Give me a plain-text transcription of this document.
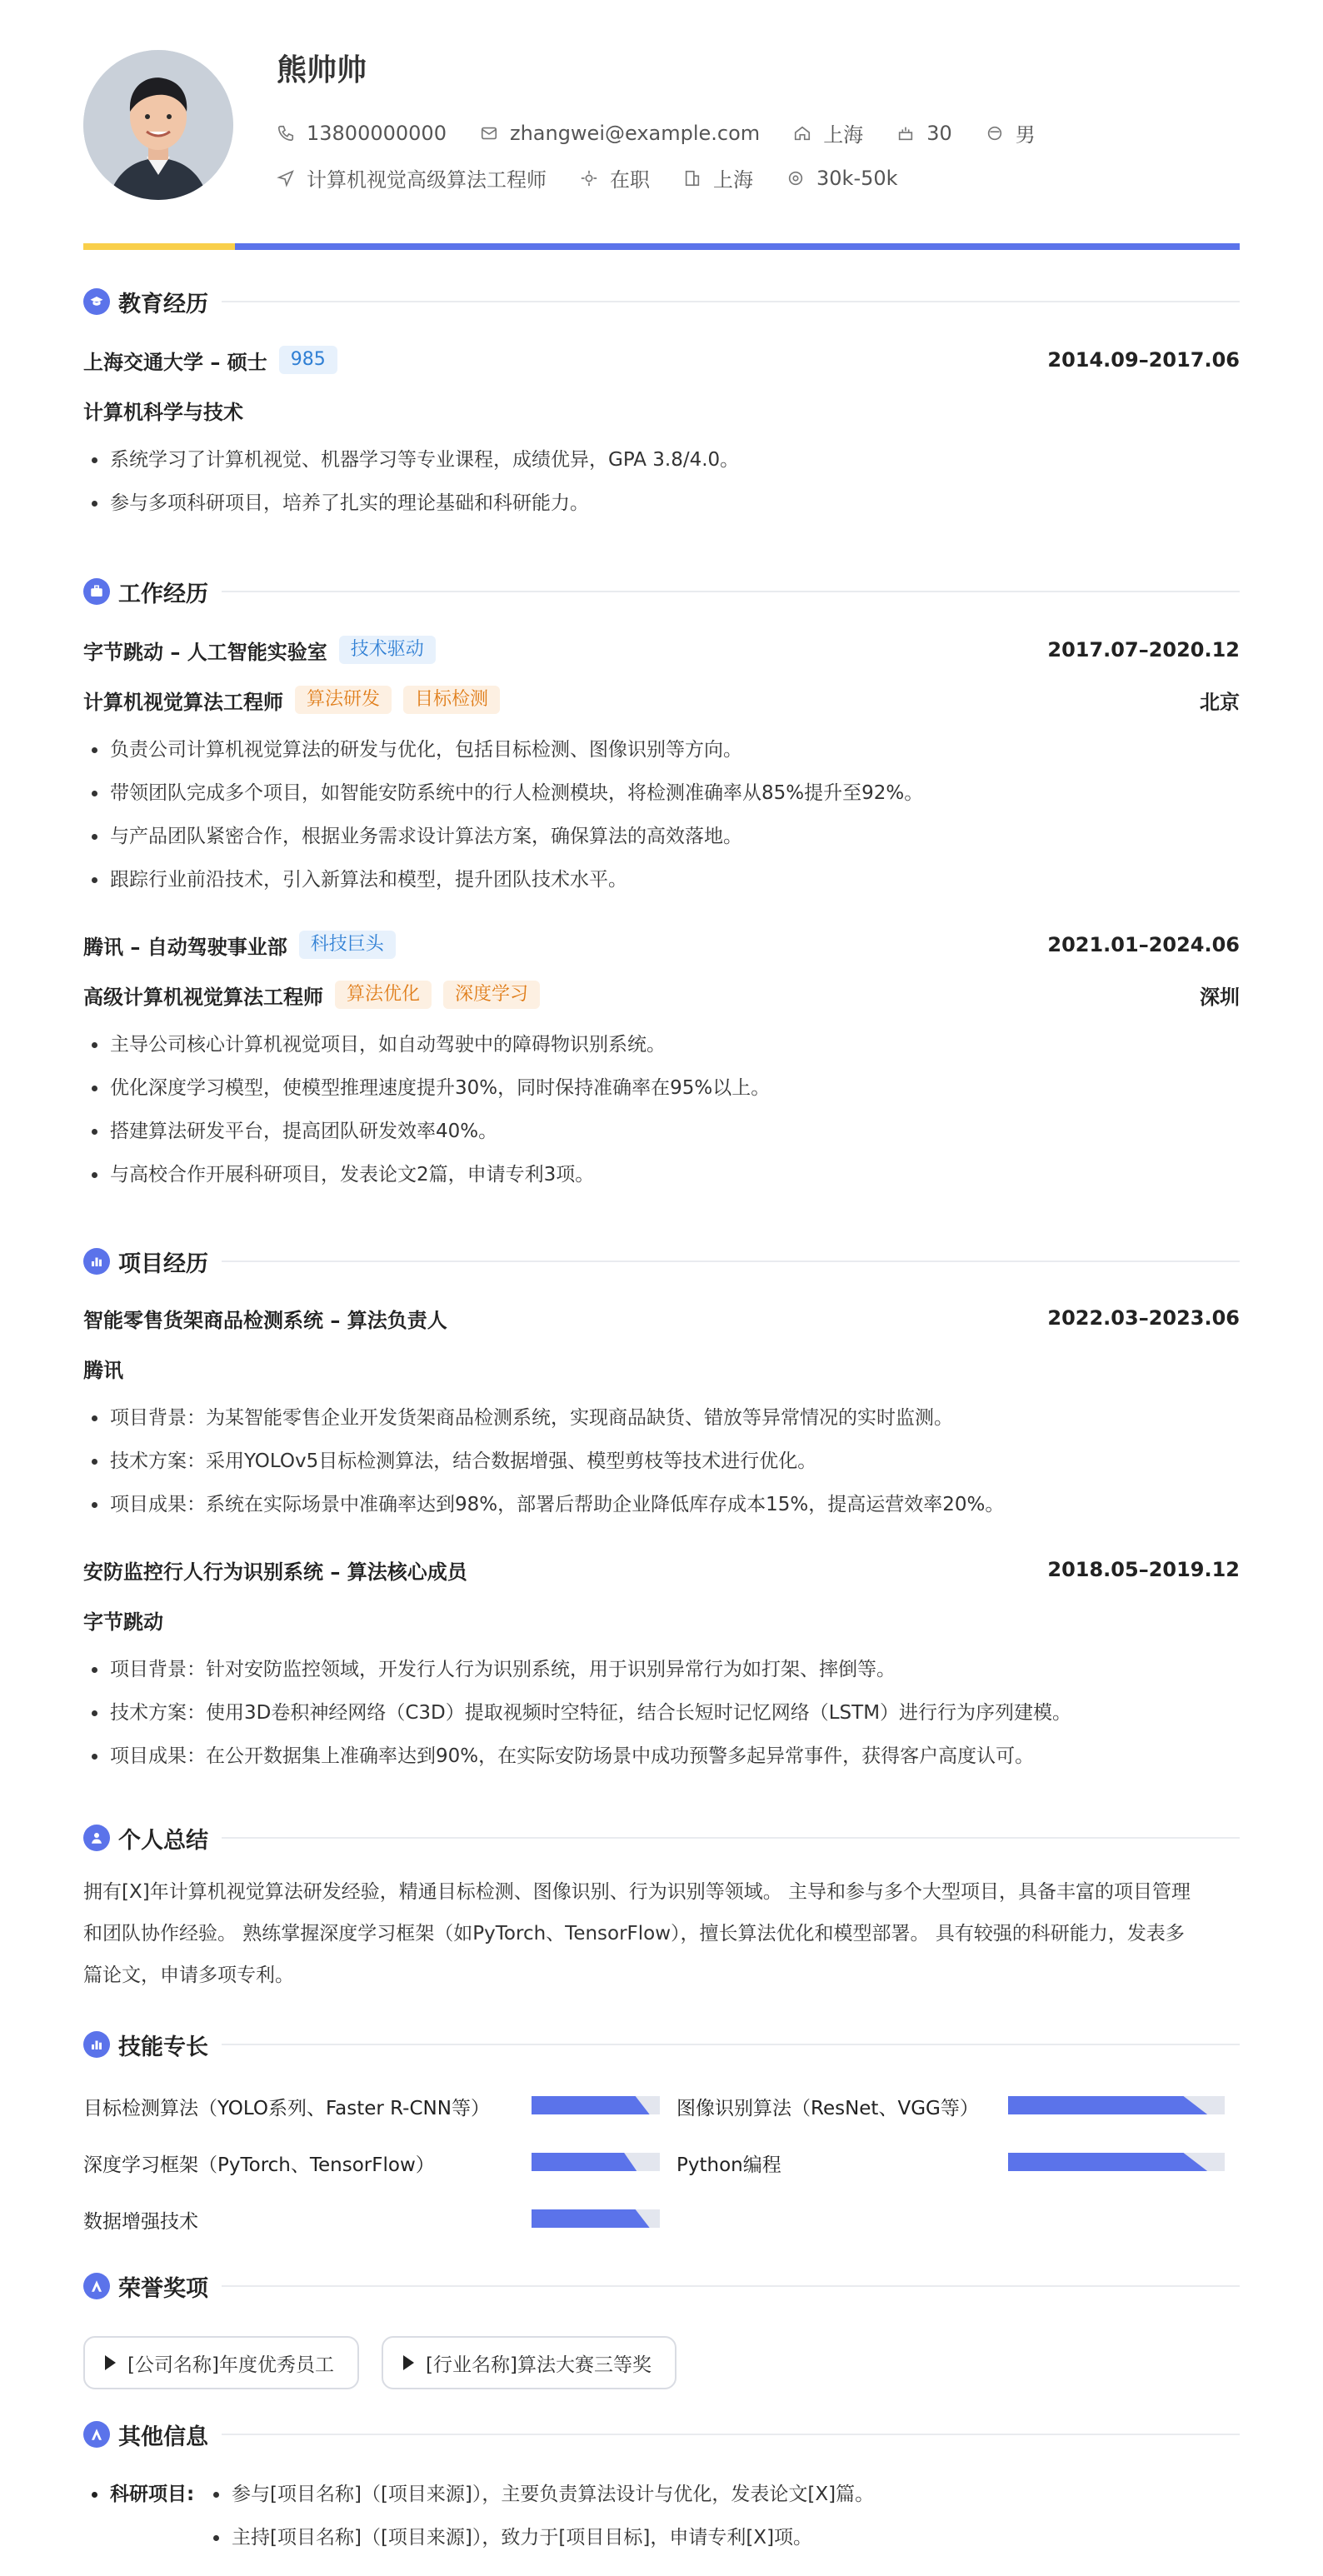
熊帅帅
13800000000	zhangwei@example.com	上海	30	男
计算机视觉高级算法工程师	在职	上海	30k-50k
教育经历
上海交通大学 – 硕士	985	2014.09–2017.06
计算机科学与技术
系统学习了计算机视觉、机器学习等专业课程，成绩优异，GPA 3.8/4.0。
参与多项科研项目，培养了扎实的理论基础和科研能力。
工作经历
字节跳动 – 人工智能实验室	技术驱动	2017.07–2020.12
计算机视觉算法工程师	算法研发	目标检测	北京
负责公司计算机视觉算法的研发与优化，包括目标检测、图像识别等方向。
带领团队完成多个项目，如智能安防系统中的行人检测模块，将检测准确率从85%提升至92%。
与产品团队紧密合作，根据业务需求设计算法方案，确保算法的高效落地。
跟踪行业前沿技术，引入新算法和模型，提升团队技术水平。
腾讯 – 自动驾驶事业部	科技巨头	2021.01–2024.06
高级计算机视觉算法工程师	算法优化	深度学习	深圳
主导公司核心计算机视觉项目，如自动驾驶中的障碍物识别系统。
优化深度学习模型，使模型推理速度提升30%，同时保持准确率在95%以上。
搭建算法研发平台，提高团队研发效率40%。
与高校合作开展科研项目，发表论文2篇，申请专利3项。
项目经历
智能零售货架商品检测系统 – 算法负责人	2022.03–2023.06
腾讯
项目背景：为某智能零售企业开发货架商品检测系统，实现商品缺货、错放等异常情况的实时监测。
技术方案：采用YOLOv5目标检测算法，结合数据增强、模型剪枝等技术进行优化。
项目成果：系统在实际场景中准确率达到98%，部署后帮助企业降低库存成本15%，提高运营效率20%。
安防监控行人行为识别系统 – 算法核心成员	2018.05–2019.12
字节跳动
项目背景：针对安防监控领域，开发行人行为识别系统，用于识别异常行为如打架、摔倒等。
技术方案：使用3D卷积神经网络（C3D）提取视频时空特征，结合长短时记忆网络（LSTM）进行行为序列建模。
项目成果：在公开数据集上准确率达到90%，在实际安防场景中成功预警多起异常事件，获得客户高度认可。
个人总结
拥有[X]年计算机视觉算法研发经验，精通目标检测、图像识别、行为识别等领域。 主导和参与多个大型项目，具备丰富的项目管理
和团队协作经验。 熟练掌握深度学习框架（如PyTorch、TensorFlow），擅长算法优化和模型部署。 具有较强的科研能力，发表多
篇论文，申请多项专利。
技能专长
目标检测算法（YOLO系列、Faster R-CNN等）	图像识别算法（ResNet、VGG等）
深度学习框架（PyTorch、TensorFlow）	Python编程
数据增强技术
荣誉奖项
[公司名称]年度优秀员工	[行业名称]算法大赛三等奖
其他信息
科研项目:	参与[项目名称]（[项目来源]），主要负责算法设计与优化，发表论文[X]篇。
主持[项目名称]（[项目来源]），致力于[项目目标]，申请专利[X]项。
